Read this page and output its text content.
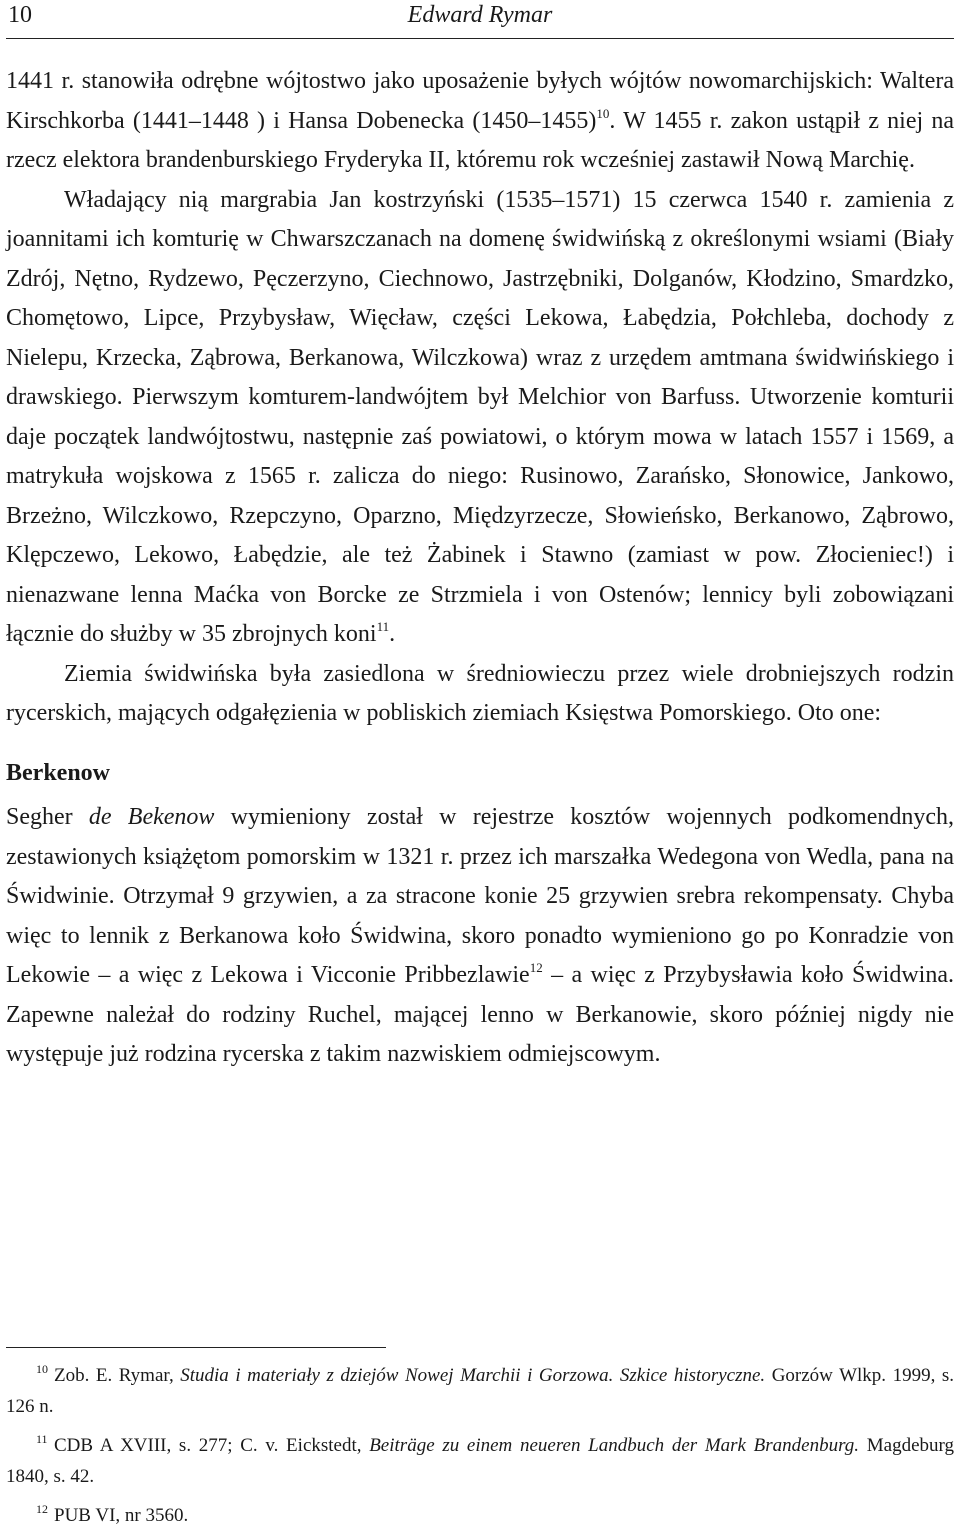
10	Edward Rymar

1441 r. stanowiła odrębne wójtostwo jako uposażenie byłych wójtów nowomarchijskich: Waltera Kirschkorba (1441–1448 ) i Hansa Dobenecka (1450–1455)$^{10}$. W 1455 r. zakon ustąpił z niej na rzecz elektora brandenburskiego Fryderyka II, któremu rok wcześniej zastawił Nową Marchię.

Władający nią margrabia Jan kostrzyński (1535–1571) 15 czerwca 1540 r. zamienia z joannitami ich komturię w Chwarszczanach na domenę świdwińską z określonymi wsiami (Biały Zdrój, Nętno, Rydzewo, Pęczerzyno, Ciechnowo, Jastrzębniki, Dolganów, Kłodzino, Smardzko, Chomętowo, Lipce, Przybysław, Więcław, części Lekowa, Łabędzia, Połchleba, dochody z Nielepu, Krzecka, Ząbrowa, Berkanowa, Wilczkowa) wraz z urzędem amtmana świdwińskiego i drawskiego. Pierwszym komturem-landwójtem był Melchior von Barfuss. Utworzenie komturii daje początek landwójtostwu, następnie zaś powiatowi, o którym mowa w latach 1557 i 1569, a matrykuła wojskowa z 1565 r. zalicza do niego: Rusinowo, Zarańsko, Słonowice, Jankowo, Brzeżno, Wilczkowo, Rzepczyno, Oparzno, Międzyrzecze, Słowieńsko, Berkanowo, Ząbrowo, Klępczewo, Lekowo, Łabędzie, ale też Żabinek i Stawno (zamiast w pow. Złocieniec!) i nienazwane lenna Maćka von Borcke ze Strzmiela i von Ostenów; lennicy byli zobowiązani łącznie do służby w 35 zbrojnych koni$^{11}$.

Ziemia świdwińska była zasiedlona w średniowieczu przez wiele drobniejszych rodzin rycerskich, mających odgałęzienia w pobliskich ziemiach Księstwa Pomorskiego. Oto one:

Berkenow

Segher de Bekenow wymieniony został w rejestrze kosztów wojennych podkomendnych, zestawionych książętom pomorskim w 1321 r. przez ich marszałka Wedegona von Wedla, pana na Świdwinie. Otrzymał 9 grzywien, a za stracone konie 25 grzywien srebra rekompensaty. Chyba więc to lennik z Berkanowa koło Świdwina, skoro ponadto wymieniono go po Konradzie von Lekowie – a więc z Lekowa i Vicconie Pribbezlawie$^{12}$ – a więc z Przybysławia koło Świdwina. Zapewne należał do rodziny Ruchel, mającej lenno w Berkanowie, skoro później nigdy nie występuje już rodzina rycerska z takim nazwiskiem odmiejscowym.

$^{10}$ Zob. E. Rymar, Studia i materiały z dziejów Nowej Marchii i Gorzowa. Szkice historyczne. Gorzów Wlkp. 1999, s. 126 n.

$^{11}$ CDB A XVIII, s. 277; C. v. Eickstedt, Beiträge zu einem neueren Landbuch der Mark Brandenburg. Magdeburg 1840, s. 42.

$^{12}$ PUB VI, nr 3560.
